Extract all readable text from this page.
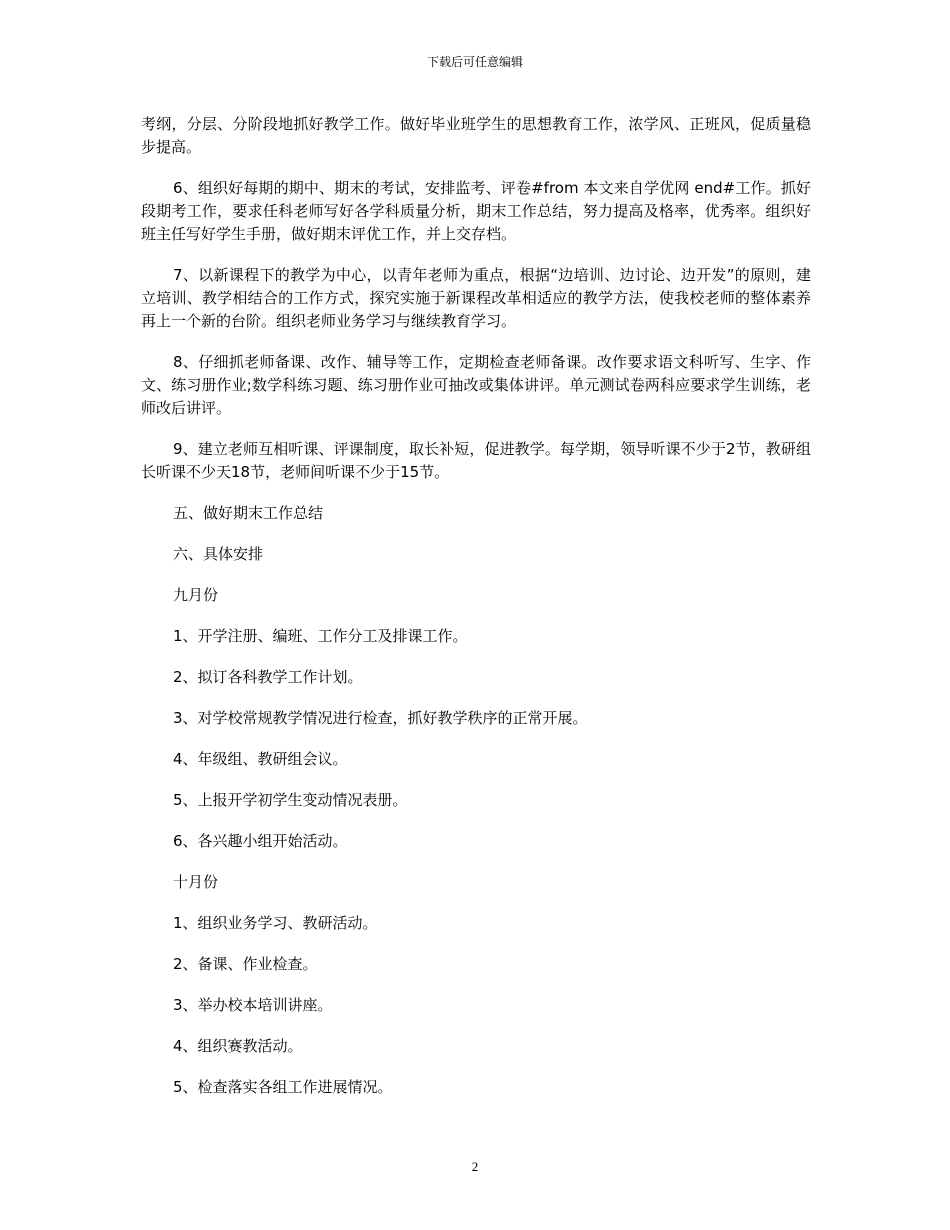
下载后可任意编辑

考纲，分层、分阶段地抓好教学工作。做好毕业班学生的思想教育工作，浓学风、正班风，促质量稳步提高。

6、组织好每期的期中、期末的考试，安排监考、评卷#from 本文来自学优网 end#工作。抓好段期考工作，要求任科老师写好各学科质量分析，期末工作总结，努力提高及格率，优秀率。组织好班主任写好学生手册，做好期末评优工作，并上交存档。

7、以新课程下的教学为中心，以青年老师为重点，根据“边培训、边讨论、边开发”的原则，建立培训、教学相结合的工作方式，探究实施于新课程改革相适应的教学方法，使我校老师的整体素养再上一个新的台阶。组织老师业务学习与继续教育学习。

8、仔细抓老师备课、改作、辅导等工作，定期检查老师备课。改作要求语文科听写、生字、作文、练习册作业;数学科练习题、练习册作业可抽改或集体讲评。单元测试卷两科应要求学生训练，老师改后讲评。

9、建立老师互相听课、评课制度，取长补短，促进教学。每学期，领导听课不少于2节，教研组长听课不少天18节，老师间听课不少于15节。

五、做好期末工作总结

六、具体安排

九月份

1、开学注册、编班、工作分工及排课工作。

2、拟订各科教学工作计划。

3、对学校常规教学情况进行检查，抓好教学秩序的正常开展。

4、年级组、教研组会议。

5、上报开学初学生变动情况表册。

6、各兴趣小组开始活动。

十月份

1、组织业务学习、教研活动。

2、备课、作业检查。

3、举办校本培训讲座。

4、组织赛教活动。

5、检查落实各组工作进展情况。

2
